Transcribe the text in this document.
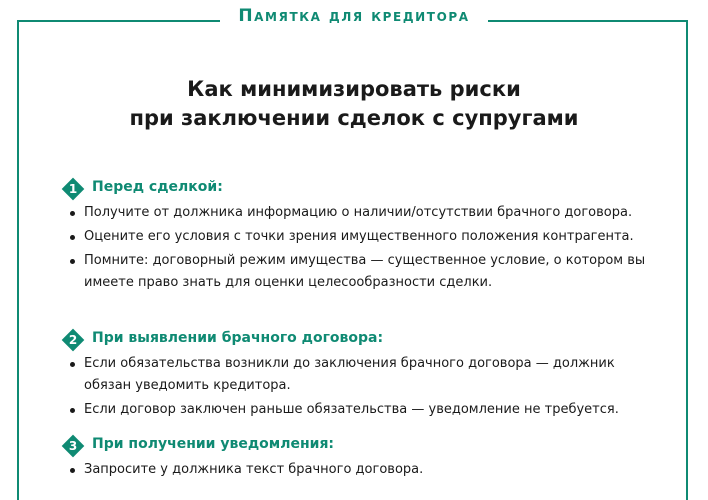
Памятка для кредитора
Как минимизировать риски
при заключении сделок с супругами
1	Перед сделкой:
Получите от должника информацию о наличии/отсутствии брачного договора.
Оцените его условия с точки зрения имущественного положения контрагента.
Помните: договорный режим имущества — существенное условие, о котором вы имеете право знать для оценки целесообразности сделки.
2	При выявлении брачного договора:
Если обязательства возникли до заключения брачного договора — должник обязан уведомить кредитора.
Если договор заключен раньше обязательства — уведомление не требуется.
3	При получении уведомления:
Запросите у должника текст брачного договора.
